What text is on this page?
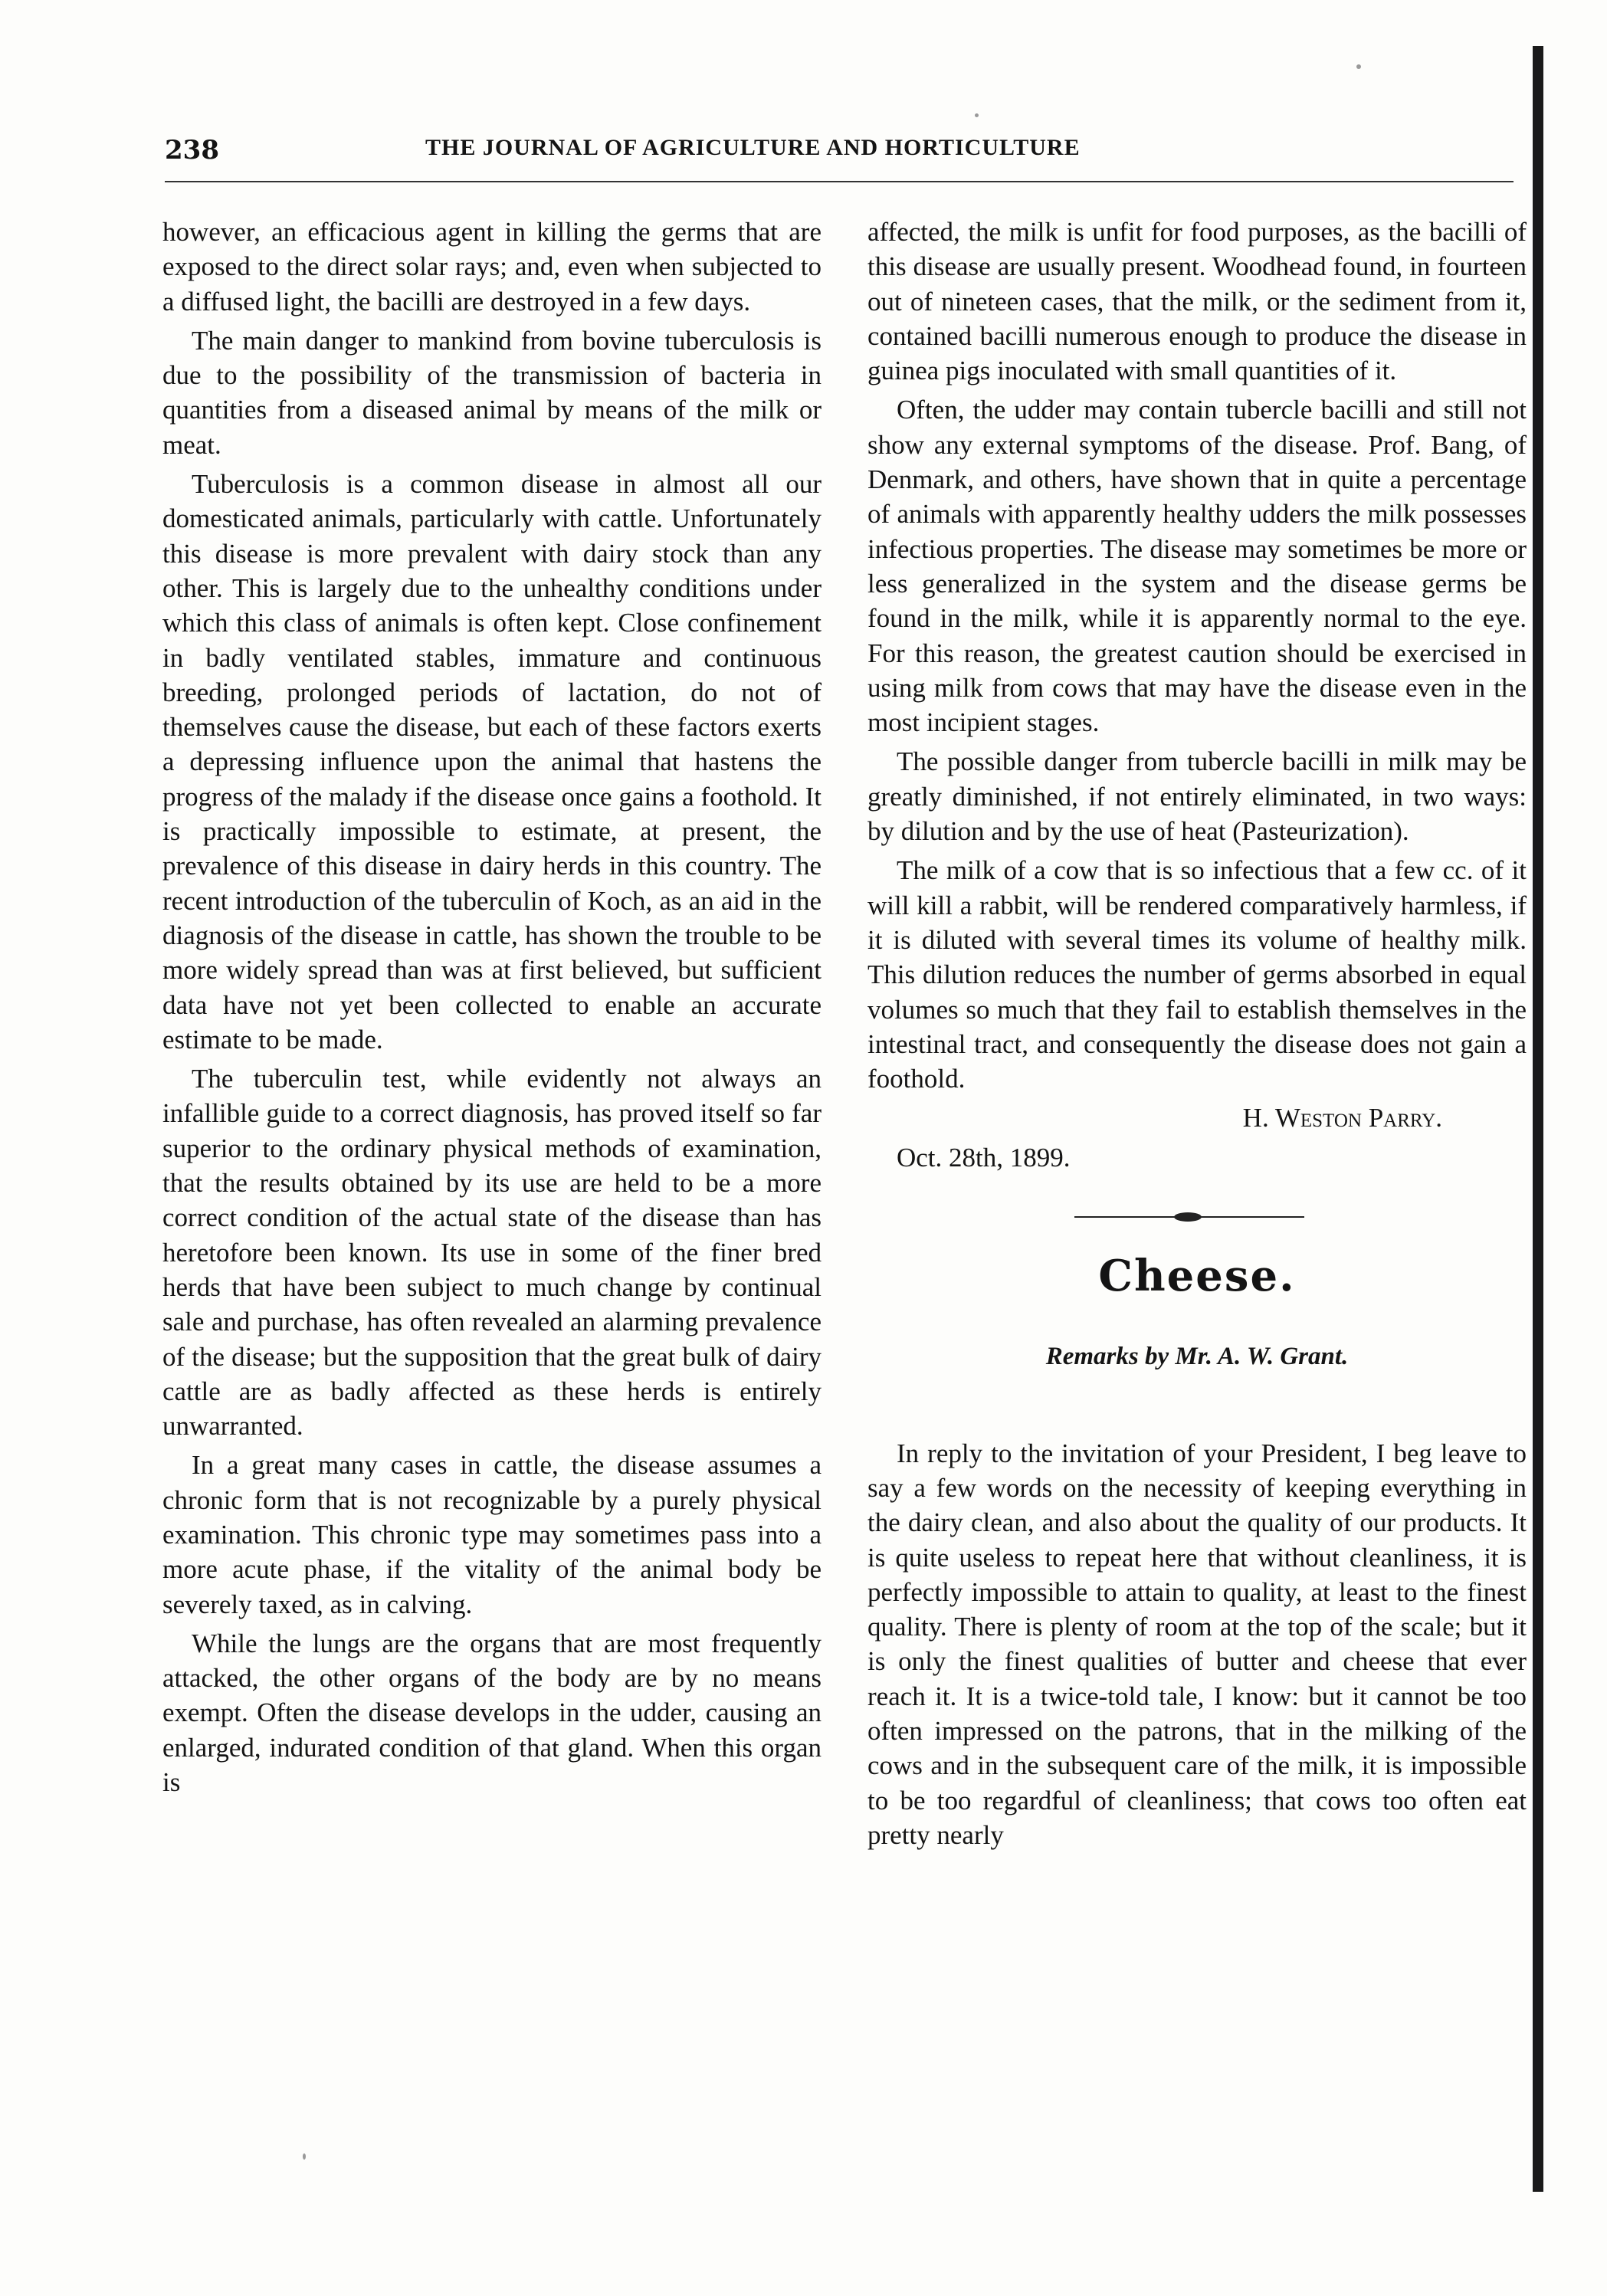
238	THE JOURNAL OF AGRICULTURE AND HORTICULTURE

however, an efficacious agent in killing the germs that are exposed to the direct solar rays; and, even when subjected to a diffused light, the bacilli are destroyed in a few days.

The main danger to mankind from bovine tuberculosis is due to the possibility of the transmission of bacteria in quantities from a diseased animal by means of the milk or meat.

Tuberculosis is a common disease in almost all our domesticated animals, particularly with cattle. Unfortunately this disease is more prevalent with dairy stock than any other. This is largely due to the unhealthy conditions under which this class of animals is often kept. Close confinement in badly ventilated stables, immature and continuous breeding, prolonged periods of lactation, do not of themselves cause the disease, but each of these factors exerts a depressing influence upon the animal that hastens the progress of the malady if the disease once gains a foothold. It is practically impossible to estimate, at present, the prevalence of this disease in dairy herds in this country. The recent introduction of the tuberculin of Koch, as an aid in the diagnosis of the disease in cattle, has shown the trouble to be more widely spread than was at first believed, but sufficient data have not yet been collected to enable an accurate estimate to be made.

The tuberculin test, while evidently not always an infallible guide to a correct diagnosis, has proved itself so far superior to the ordinary physical methods of examination, that the results obtained by its use are held to be a more correct condition of the actual state of the disease than has heretofore been known. Its use in some of the finer bred herds that have been subject to much change by continual sale and purchase, has often revealed an alarming prevalence of the disease; but the supposition that the great bulk of dairy cattle are as badly affected as these herds is entirely unwarranted.

In a great many cases in cattle, the disease assumes a chronic form that is not recognizable by a purely physical examination. This chronic type may sometimes pass into a more acute phase, if the vitality of the animal body be severely taxed, as in calving.

While the lungs are the organs that are most frequently attacked, the other organs of the body are by no means exempt. Often the disease develops in the udder, causing an enlarged, indurated condition of that gland. When this organ is

affected, the milk is unfit for food purposes, as the bacilli of this disease are usually present. Woodhead found, in fourteen out of nineteen cases, that the milk, or the sediment from it, contained bacilli numerous enough to produce the disease in guinea pigs inoculated with small quantities of it.

Often, the udder may contain tubercle bacilli and still not show any external symptoms of the disease. Prof. Bang, of Denmark, and others, have shown that in quite a percentage of animals with apparently healthy udders the milk possesses infectious properties. The disease may sometimes be more or less generalized in the system and the disease germs be found in the milk, while it is apparently normal to the eye. For this reason, the greatest caution should be exercised in using milk from cows that may have the disease even in the most incipient stages.

The possible danger from tubercle bacilli in milk may be greatly diminished, if not entirely eliminated, in two ways: by dilution and by the use of heat (Pasteurization).

The milk of a cow that is so infectious that a few cc. of it will kill a rabbit, will be rendered comparatively harmless, if it is diluted with several times its volume of healthy milk. This dilution reduces the number of germs absorbed in equal volumes so much that they fail to establish themselves in the intestinal tract, and consequently the disease does not gain a foothold.

H. Weston Parry.

Oct. 28th, 1899.

Cheese.
Remarks by Mr. A. W. Grant.

In reply to the invitation of your President, I beg leave to say a few words on the necessity of keeping everything in the dairy clean, and also about the quality of our products. It is quite useless to repeat here that without cleanliness, it is perfectly impossible to attain to quality, at least to the finest quality. There is plenty of room at the top of the scale; but it is only the finest qualities of butter and cheese that ever reach it. It is a twice-told tale, I know: but it cannot be too often impressed on the patrons, that in the milking of the cows and in the subsequent care of the milk, it is impossible to be too regardful of cleanliness; that cows too often eat pretty nearly
